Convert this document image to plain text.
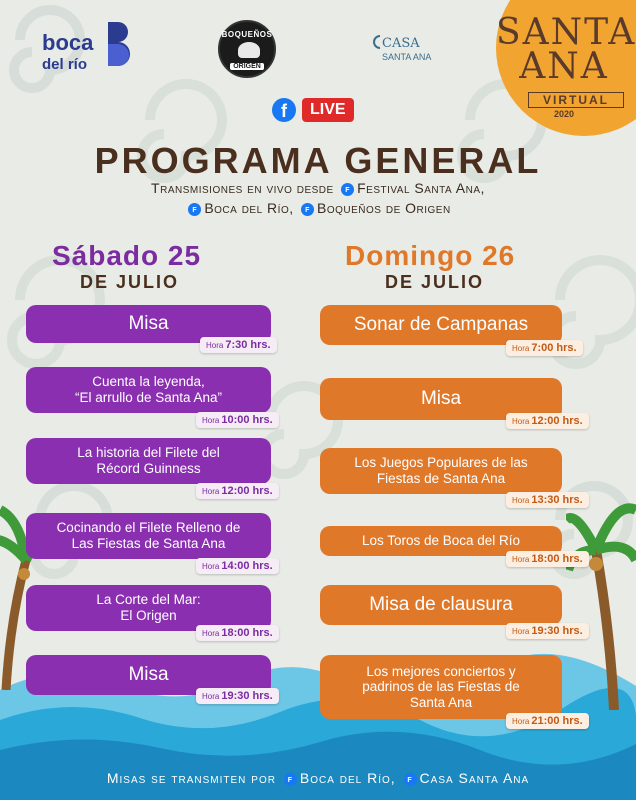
boca
del río
BOQUEÑOS
ORIGEN
CASA
SANTA ANA
SANTA
ANA
VIRTUAL
2020
f	LIVE
PROGRAMA GENERAL
Transmisiones en vivo desde f Festival Santa Ana,
f Boca del Río, f Boqueños de Origen
Sábado 25
DE JULIO
Domingo 26
DE JULIO
Misa
Hora 7:30 hrs.
Cuenta la leyenda,
“El arrullo de Santa Ana”
Hora 10:00 hrs.
La historia del Filete del
Récord Guinness
Hora 12:00 hrs.
Cocinando el Filete Relleno de
Las Fiestas de Santa Ana
Hora 14:00 hrs.
La Corte del Mar:
El Origen
Hora 18:00 hrs.
Misa
Hora 19:30 hrs.
Sonar de Campanas
Hora 7:00 hrs.
Misa
Hora 12:00 hrs.
Los Juegos Populares de las
Fiestas de Santa Ana
Hora 13:30 hrs.
Los Toros de Boca del Río
Hora 18:00 hrs.
Misa de clausura
Hora 19:30 hrs.
Los mejores conciertos y
padrinos de las Fiestas de
Santa Ana
Hora 21:00 hrs.
Misas se transmiten por f Boca del Río, f Casa Santa Ana
